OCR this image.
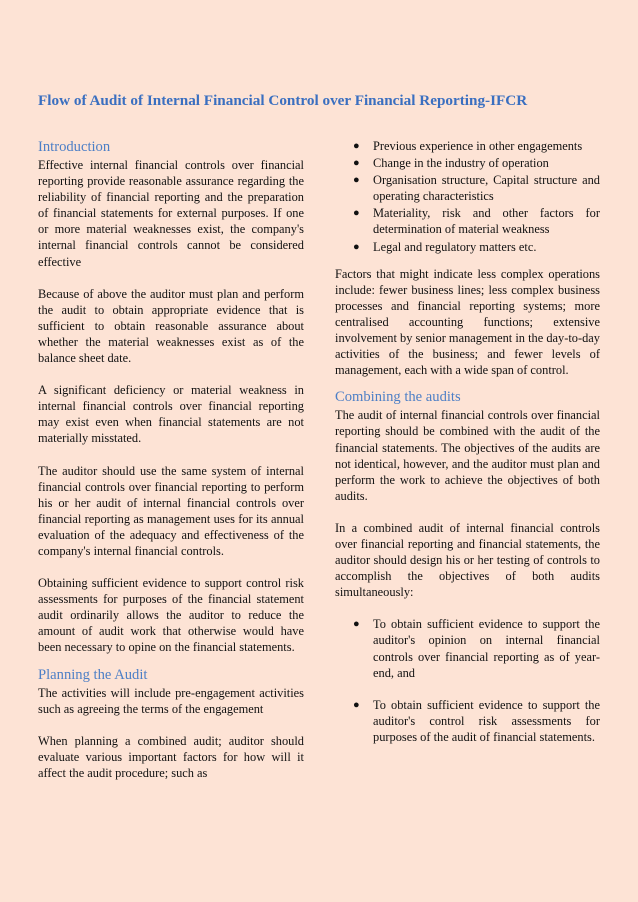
Flow of Audit of Internal Financial Control over Financial Reporting-IFCR
Introduction

Effective internal financial controls over financial reporting provide reasonable assurance regarding the reliability of financial reporting and the preparation of financial statements for external purposes. If one or more material weaknesses exist, the company's internal financial controls cannot be considered effective

Because of above the auditor must plan and perform the audit to obtain appropriate evidence that is sufficient to obtain reasonable assurance about whether the material weaknesses exist as of the balance sheet date.

A significant deficiency or material weakness in internal financial controls over financial reporting may exist even when financial statements are not materially misstated.

The auditor should use the same system of internal financial controls over financial reporting to perform his or her audit of internal financial controls over financial reporting as management uses for its annual evaluation of the adequacy and effectiveness of the company's internal financial controls.

Obtaining sufficient evidence to support control risk assessments for purposes of the financial statement audit ordinarily allows the auditor to reduce the amount of audit work that otherwise would have been necessary to opine on the financial statements.

Planning the Audit

The activities will include pre-engagement activities such as agreeing the terms of the engagement

When planning a combined audit; auditor should evaluate various important factors for how will it affect the audit procedure; such as

● Previous experience in other engagements
● Change in the industry of operation
● Organisation structure, Capital structure and operating characteristics
● Materiality, risk and other factors for determination of material weakness
● Legal and regulatory matters etc.

Factors that might indicate less complex operations include: fewer business lines; less complex business processes and financial reporting systems; more centralised accounting functions; extensive involvement by senior management in the day-to-day activities of the business; and fewer levels of management, each with a wide span of control.

Combining the audits

The audit of internal financial controls over financial reporting should be combined with the audit of the financial statements. The objectives of the audits are not identical, however, and the auditor must plan and perform the work to achieve the objectives of both audits.

In a combined audit of internal financial controls over financial reporting and financial statements, the auditor should design his or her testing of controls to accomplish the objectives of both audits simultaneously:

● To obtain sufficient evidence to support the auditor's opinion on internal financial controls over financial reporting as of year-end, and
● To obtain sufficient evidence to support the auditor's control risk assessments for purposes of the audit of financial statements.
